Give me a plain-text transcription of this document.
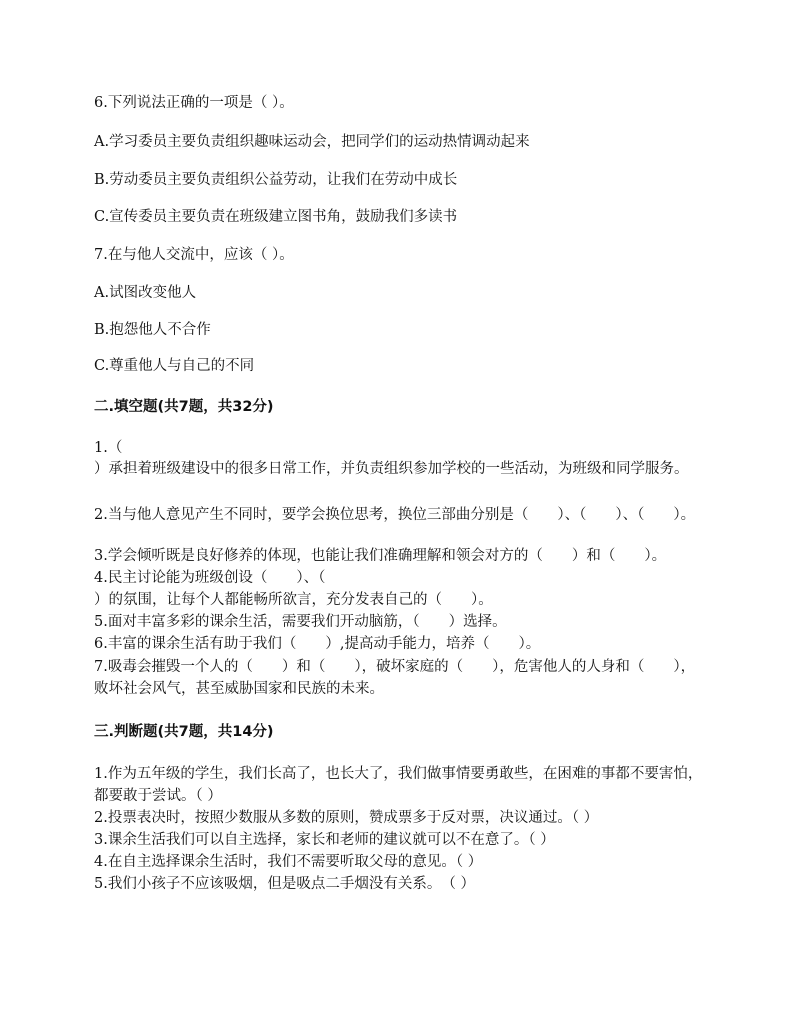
6.下列说法正确的一项是（ ）。
A.学习委员主要负责组织趣味运动会，把同学们的运动热情调动起来
B.劳动委员主要负责组织公益劳动，让我们在劳动中成长
C.宣传委员主要负责在班级建立图书角，鼓励我们多读书
7.在与他人交流中，应该（ ）。
A.试图改变他人
B.抱怨他人不合作
C.尊重他人与自己的不同
二.填空题(共7题，共32分)
1.（
）承担着班级建设中的很多日常工作，并负责组织参加学校的一些活动，为班级和同学服务。
2.当与他人意见产生不同时，要学会换位思考，换位三部曲分别是（　　）、（　　）、（　　）。
3.学会倾听既是良好修养的体现，也能让我们准确理解和领会对方的（　　）和（　　）。
4.民主讨论能为班级创设（　　）、（
）的氛围，让每个人都能畅所欲言，充分发表自己的（　　）。
5.面对丰富多彩的课余生活，需要我们开动脑筋，（　　）选择。
6.丰富的课余生活有助于我们（　　）,提高动手能力，培养（　　）。
7.吸毒会摧毁一个人的（　　）和（　　），破坏家庭的（　　），危害他人的人身和（　　），败坏社会风气，甚至威胁国家和民族的未来。
三.判断题(共7题，共14分)
1.作为五年级的学生，我们长高了，也长大了，我们做事情要勇敢些，在困难的事都不要害怕，都要敢于尝试。（ ）
2.投票表决时，按照少数服从多数的原则，赞成票多于反对票，决议通过。（ ）
3.课余生活我们可以自主选择，家长和老师的建议就可以不在意了。（ ）
4.在自主选择课余生活时，我们不需要听取父母的意见。（ ）
5.我们小孩子不应该吸烟，但是吸点二手烟没有关系。　（ ）
